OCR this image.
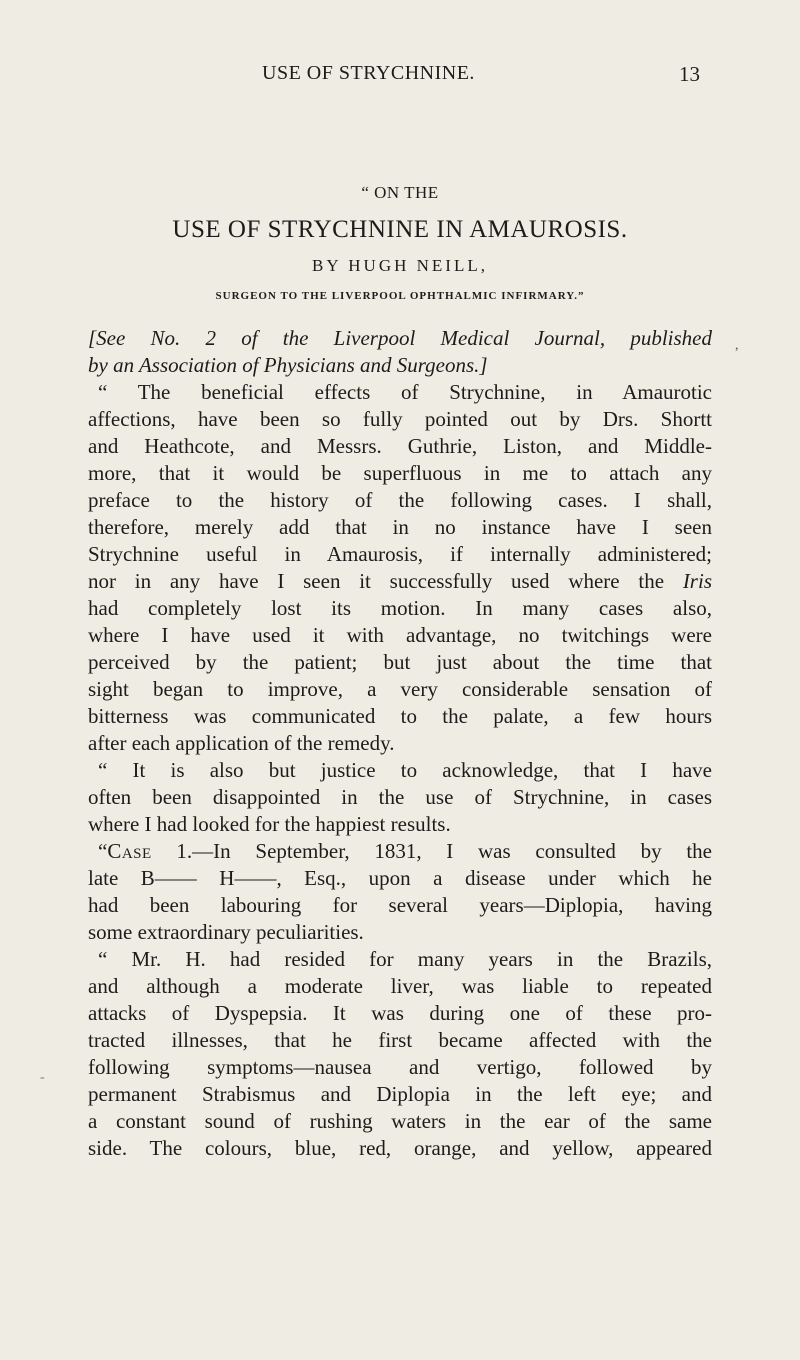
USE OF STRYCHNINE.	13
“ ON THE
USE OF STRYCHNINE IN AMAUROSIS.
BY HUGH NEILL,
SURGEON TO THE LIVERPOOL OPHTHALMIC INFIRMARY.”
,
[See No. 2 of the Liverpool Medical Journal, published
by an Association of Physicians and Surgeons.]
“ The beneficial effects of Strychnine, in Amaurotic
affections, have been so fully pointed out by Drs. Shortt
and Heathcote, and Messrs. Guthrie, Liston, and Middle-
more, that it would be superfluous in me to attach any
preface to the history of the following cases. I shall,
therefore, merely add that in no instance have I seen
Strychnine useful in Amaurosis, if internally administered;
nor in any have I seen it successfully used where the Iris
had completely lost its motion. In many cases also,
where I have used it with advantage, no twitchings were
perceived by the patient; but just about the time that
sight began to improve, a very considerable sensation of
bitterness was communicated to the palate, a few hours
after each application of the remedy.
“ It is also but justice to acknowledge, that I have
often been disappointed in the use of Strychnine, in cases
where I had looked for the happiest results.
“Case 1.—In September, 1831, I was consulted by the
late B—— H——, Esq., upon a disease under which he
had been labouring for several years—Diplopia, having
some extraordinary peculiarities.
“ Mr. H. had resided for many years in the Brazils,
and although a moderate liver, was liable to repeated
attacks of Dyspepsia. It was during one of these pro-
tracted illnesses, that he first became affected with the
following symptoms—nausea and vertigo, followed by
permanent Strabismus and Diplopia in the left eye; and
a constant sound of rushing waters in the ear of the same
side. The colours, blue, red, orange, and yellow, appeared
-
